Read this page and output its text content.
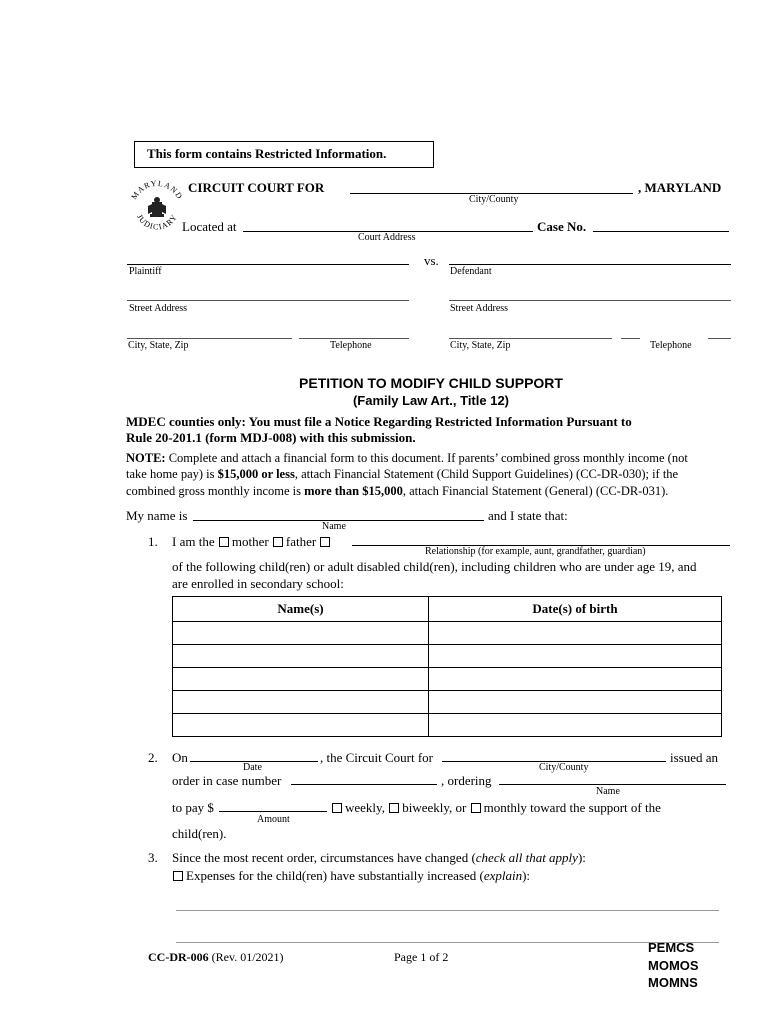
This form contains Restricted Information.
MARYLAND
JUDICIARY
CIRCUIT COURT FOR	, MARYLAND
City/County
Located at
Court Address
Case No.
vs.
Plaintiff	Defendant
Street Address	Street Address
City, State, Zip	Telephone	City, State, Zip	Telephone
PETITION TO MODIFY CHILD SUPPORT
(Family Law Art., Title 12)
MDEC counties only: You must file a Notice Regarding Restricted Information Pursuant to
Rule 20-201.1 (form MDJ-008) with this submission.
NOTE: Complete and attach a financial form to this document. If parents’ combined gross monthly income (not
take home pay) is $15,000 or less, attach Financial Statement (Child Support Guidelines) (CC-DR-030); if the
combined gross monthly income is more than $15,000, attach Financial Statement (General) (CC-DR-031).
My name is	and I state that:
Name
1. I am the mother father
Relationship (for example, aunt, grandfather, guardian)
of the following child(ren) or adult disabled child(ren), including children who are under age 19, and
are enrolled in secondary school:
Name(s)	Date(s) of birth

2. On	, the Circuit Court for	issued an
Date	City/County
order in case number	, ordering
Name
to pay $	weekly, biweekly, or monthly toward the support of the
Amount
child(ren).
3. Since the most recent order, circumstances have changed (check all that apply):
Expenses for the child(ren) have substantially increased (explain):
CC-DR-006 (Rev. 01/2021)	Page 1 of 2
PEMCS
MOMOS
MOMNS
